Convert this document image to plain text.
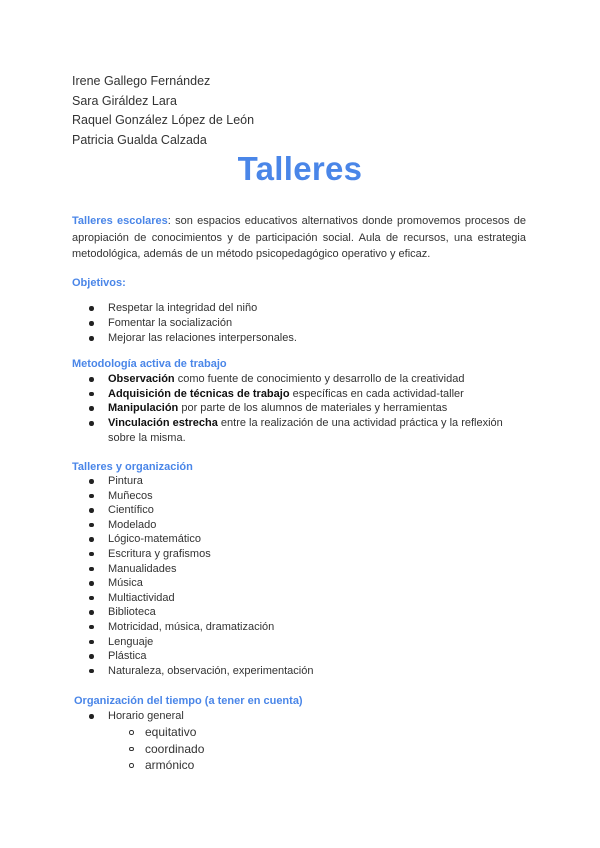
Irene Gallego Fernández
Sara Giráldez Lara
Raquel González López de León
Patricia Gualda Calzada
Talleres

Talleres escolares: son espacios educativos alternativos donde promovemos procesos de apropiación de conocimientos y de participación social. Aula de recursos, una estrategia metodológica, además de un método psicopedagógico operativo y eficaz.

Objetivos:
Respetar la integridad del niño
Fomentar la socialización
Mejorar las relaciones interpersonales.
Metodología activa de trabajo
Observación como fuente de conocimiento y desarrollo de la creatividad
Adquisición de técnicas de trabajo específicas en cada actividad-taller
Manipulación por parte de los alumnos de materiales y herramientas
Vinculación estrecha entre la realización de una actividad práctica y la reflexión sobre la misma.
Talleres y organización
Pintura
Muñecos
Científico
Modelado
Lógico-matemático
Escritura y grafismos
Manualidades
Música
Multiactividad
Biblioteca
Motricidad, música, dramatización
Lenguaje
Plástica
Naturaleza, observación, experimentación
Organización del tiempo (a tener en cuenta)
Horario general
equitativo
coordinado
armónico
